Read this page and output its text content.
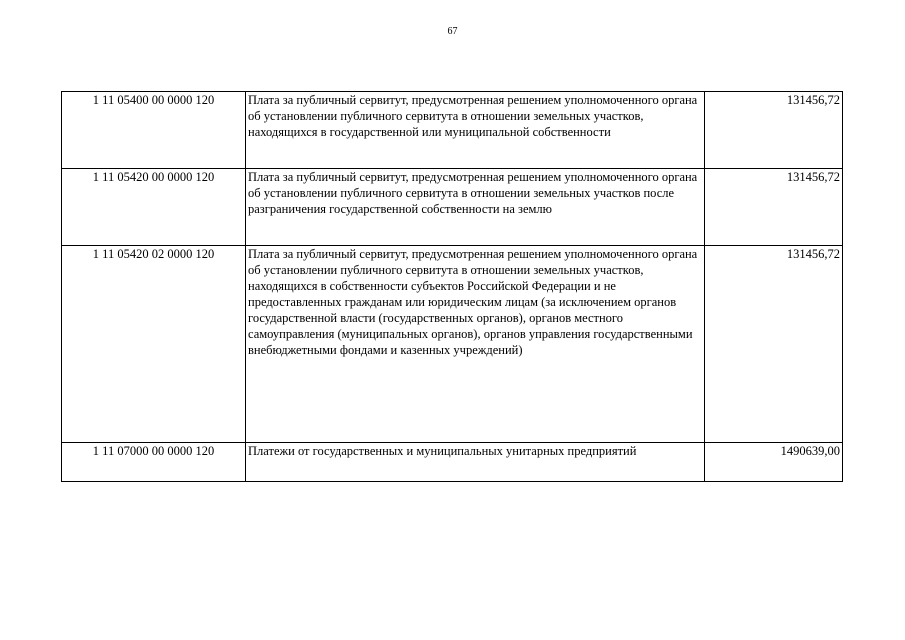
67
1 11 05400 00 0000 120	Плата за публичный сервитут, предусмотренная решением уполномоченного органа об установлении публичного сервитута в отношении земельных участков, находящихся в государственной или муниципальной собственности	131456,72
1 11 05420 00 0000 120	Плата за публичный сервитут, предусмотренная решением уполномоченного органа об установлении публичного сервитута в отношении земельных участков после разграничения государственной собственности на землю	131456,72
1 11 05420 02 0000 120	Плата за публичный сервитут, предусмотренная решением уполномоченного органа об установлении публичного сервитута в отношении земельных участков, находящихся в собственности субъектов Российской Федерации и не предоставленных гражданам или юридическим лицам (за исключением органов государственной власти (государственных органов), органов местного самоуправления (муниципальных органов), органов управления государственными внебюджетными фондами и казенных учреждений)	131456,72
1 11 07000 00 0000 120	Платежи от государственных и муниципальных унитарных предприятий	1490639,00
